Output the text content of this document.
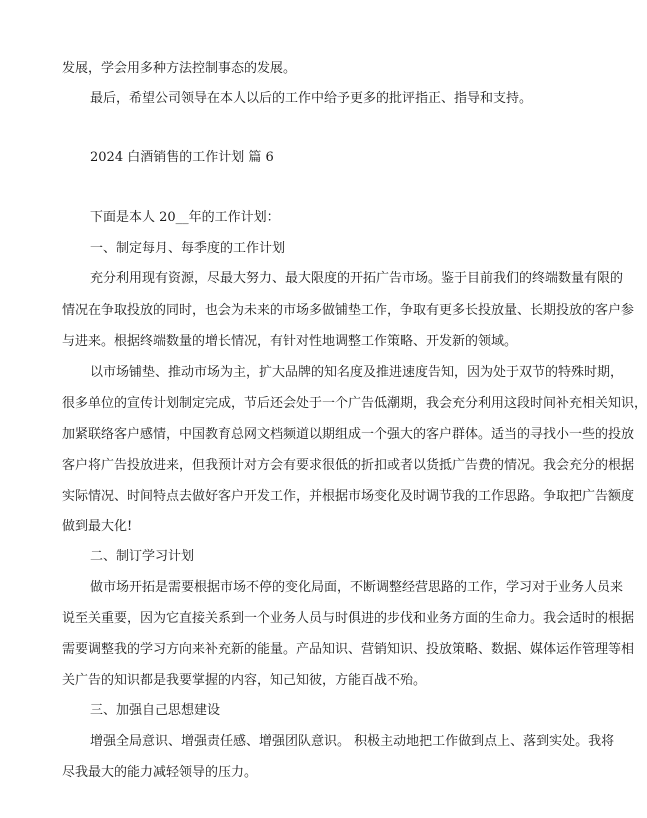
发展，学会用多种方法控制事态的发展。
最后，希望公司领导在本人以后的工作中给予更多的批评指正、指导和支持。
2024 白酒销售的工作计划 篇 6
下面是本人 20__年的工作计划：
一、制定每月、每季度的工作计划
充分利用现有资源，尽最大努力、最大限度的开拓广告市场。鉴于目前我们的终端数量有限的
情况在争取投放的同时，也会为未来的市场多做铺垫工作，争取有更多长投放量、长期投放的客户参
与进来。根据终端数量的增长情况，有针对性地调整工作策略、开发新的领域。
以市场铺垫、推动市场为主，扩大品牌的知名度及推进速度告知，因为处于双节的特殊时期，
很多单位的宣传计划制定完成，节后还会处于一个广告低潮期，我会充分利用这段时间补充相关知识，
加紧联络客户感情，中国教育总网文档频道以期组成一个强大的客户群体。适当的寻找小一些的投放
客户将广告投放进来，但我预计对方会有要求很低的折扣或者以货抵广告费的情况。我会充分的根据
实际情况、时间特点去做好客户开发工作，并根据市场变化及时调节我的工作思路。争取把广告额度
做到最大化!
二、制订学习计划
做市场开拓是需要根据市场不停的变化局面，不断调整经营思路的工作，学习对于业务人员来
说至关重要，因为它直接关系到一个业务人员与时俱进的步伐和业务方面的生命力。我会适时的根据
需要调整我的学习方向来补充新的能量。产品知识、营销知识、投放策略、数据、媒体运作管理等相
关广告的知识都是我要掌握的内容，知己知彼，方能百战不殆。
三、加强自己思想建设
增强全局意识、增强责任感、增强团队意识。 积极主动地把工作做到点上、落到实处。我将
尽我最大的能力减轻领导的压力。
